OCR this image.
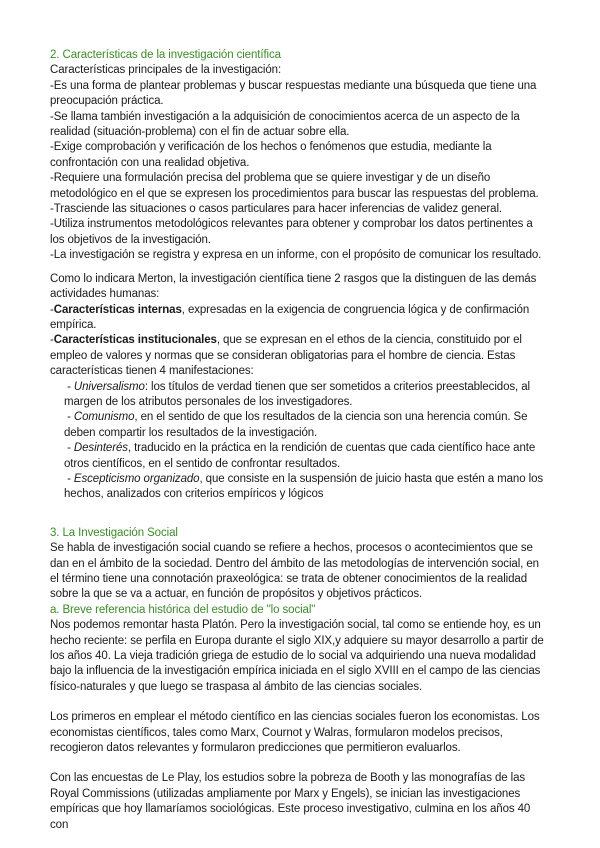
2. Características de la investigación científica

Características principales de la investigación:

-Es una forma de plantear problemas y buscar respuestas mediante una búsqueda que tiene una preocupación práctica.

-Se llama también investigación a la adquisición de conocimientos acerca de un aspecto de la realidad (situación-problema) con el fin de actuar sobre ella.

-Exige comprobación y verificación de los hechos o fenómenos que estudia, mediante la confrontación con una realidad objetiva.

-Requiere una formulación precisa del problema que se quiere investigar y de un diseño metodológico en el que se expresen los procedimientos para buscar las respuestas del problema.

-Trasciende las situaciones o casos particulares para hacer inferencias de validez general.

-Utiliza instrumentos metodológicos relevantes para obtener y comprobar los datos pertinentes a los objetivos de la investigación.

-La investigación se registra y expresa en un informe, con el propósito de comunicar los resultado.

Como lo indicara Merton, la investigación científica tiene 2 rasgos que la distinguen de las demás actividades humanas:

-Características internas, expresadas en la exigencia de congruencia lógica y de confirmación empírica.

-Características institucionales, que se expresan en el ethos de la ciencia, constituido por el empleo de valores y normas que se consideran obligatorias para el hombre de ciencia. Estas características tienen 4 manifestaciones:

- Universalismo: los títulos de verdad tienen que ser sometidos a criterios preestablecidos, al margen de los atributos personales de los investigadores.

- Comunismo, en el sentido de que los resultados de la ciencia son una herencia común. Se deben compartir los resultados de la investigación.

- Desinterés, traducido en la práctica en la rendición de cuentas que cada científico hace ante otros científicos, en el sentido de confrontar resultados.

- Escepticismo organizado, que consiste en la suspensión de juicio hasta que estén a mano los hechos, analizados con criterios empíricos y lógicos

3. La Investigación Social

Se habla de investigación social cuando se refiere a hechos, procesos o acontecimientos que se dan en el ámbito de la sociedad. Dentro del ámbito de las metodologías de intervención social, en el término tiene una connotación praxeológica: se trata de obtener conocimientos de la realidad sobre la que se va a actuar, en función de propósitos y objetivos prácticos.

a. Breve referencia histórica del estudio de "lo social"

Nos podemos remontar hasta Platón. Pero la investigación social, tal como se entiende hoy, es un hecho reciente: se perfila en Europa durante el siglo XIX,y adquiere su mayor desarrollo a partir de los años 40. La vieja tradición griega de estudio de lo social va adquiriendo una nueva modalidad bajo la influencia de la investigación empírica iniciada en el siglo XVIII en el campo de las ciencias físico-naturales y que luego se traspasa al ámbito de las ciencias sociales.

Los primeros en emplear el método científico en las ciencias sociales fueron los economistas. Los economistas científicos, tales como Marx, Cournot y Walras, formularon modelos precisos, recogieron datos relevantes y formularon predicciones que permitieron evaluarlos.

Con las encuestas de Le Play, los estudios sobre la pobreza de Booth y las monografías de las Royal Commissions (utilizadas ampliamente por Marx y Engels), se inician las investigaciones empíricas que hoy llamaríamos sociológicas. Este proceso investigativo, culmina en los años 40 con
